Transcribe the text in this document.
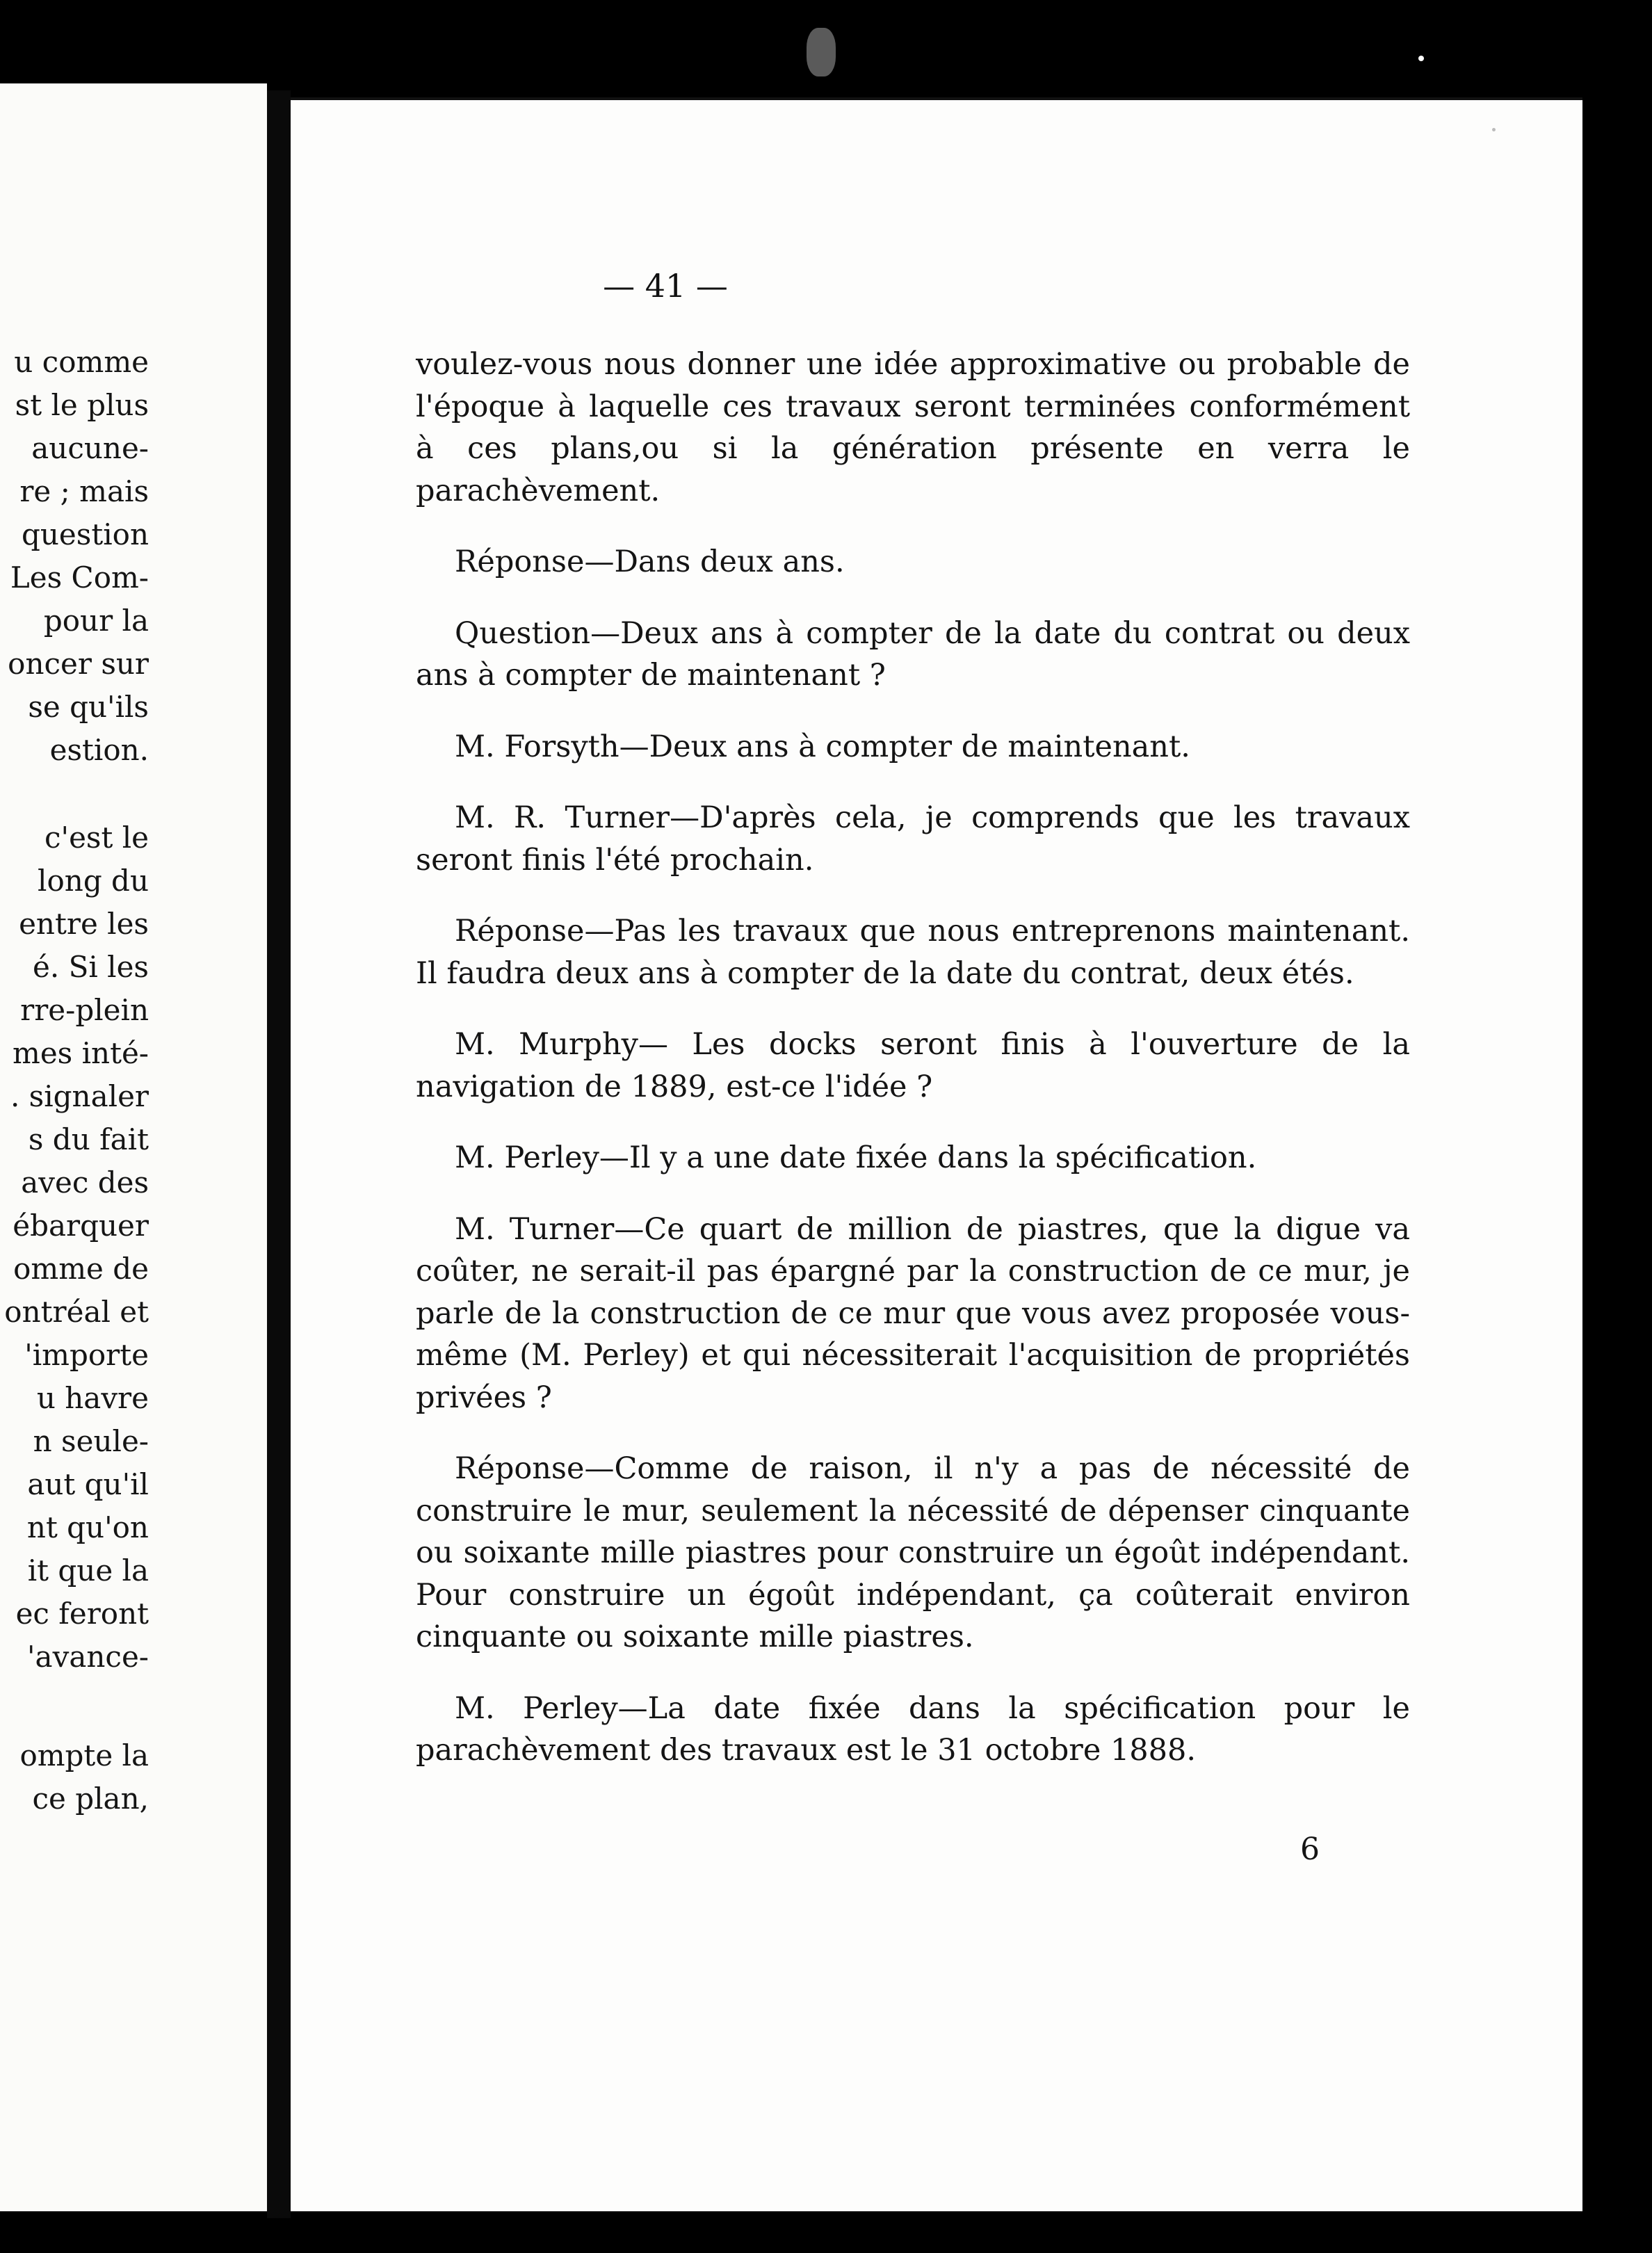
u comme
st le plus
aucune-
re ; mais
question
Les Com-
pour la
oncer sur
se qu'ils
estion.
c'est le
long du
entre les
é. Si les
rre-plein
mes inté-
. signaler
s du fait
avec des
ébarquer
omme de
ontréal et
'importe
u havre
n seule-
aut qu'il
nt qu'on
it que la
ec feront
'avance-
ompte la
ce plan,
— 41 —

voulez-vous nous donner une idée approximative ou probable de l'époque à laquelle ces travaux seront terminées conformément à ces plans,ou si la génération présente en verra le parachèvement.

Réponse—Dans deux ans.

Question—Deux ans à compter de la date du contrat ou deux ans à compter de maintenant ?

M. Forsyth—Deux ans à compter de maintenant.

M. R. Turner—D'après cela, je comprends que les travaux seront finis l'été prochain.

Réponse—Pas les travaux que nous entreprenons maintenant. Il faudra deux ans à compter de la date du contrat, deux étés.

M. Murphy— Les docks seront finis à l'ouverture de la navigation de 1889, est-ce l'idée ?

M. Perley—Il y a une date fixée dans la spécification.

M. Turner—Ce quart de million de piastres, que la digue va coûter, ne serait-il pas épargné par la construction de ce mur, je parle de la construction de ce mur que vous avez proposée vous-même (M. Perley) et qui nécessiterait l'acquisition de propriétés privées ?

Réponse—Comme de raison, il n'y a pas de nécessité de construire le mur, seulement la nécessité de dépenser cinquante ou soixante mille piastres pour construire un égoût indépendant. Pour construire un égoût indépendant, ça coûterait environ cinquante ou soixante mille piastres.

M. Perley—La date fixée dans la spécification pour le parachèvement des travaux est le 31 octobre 1888.

6
